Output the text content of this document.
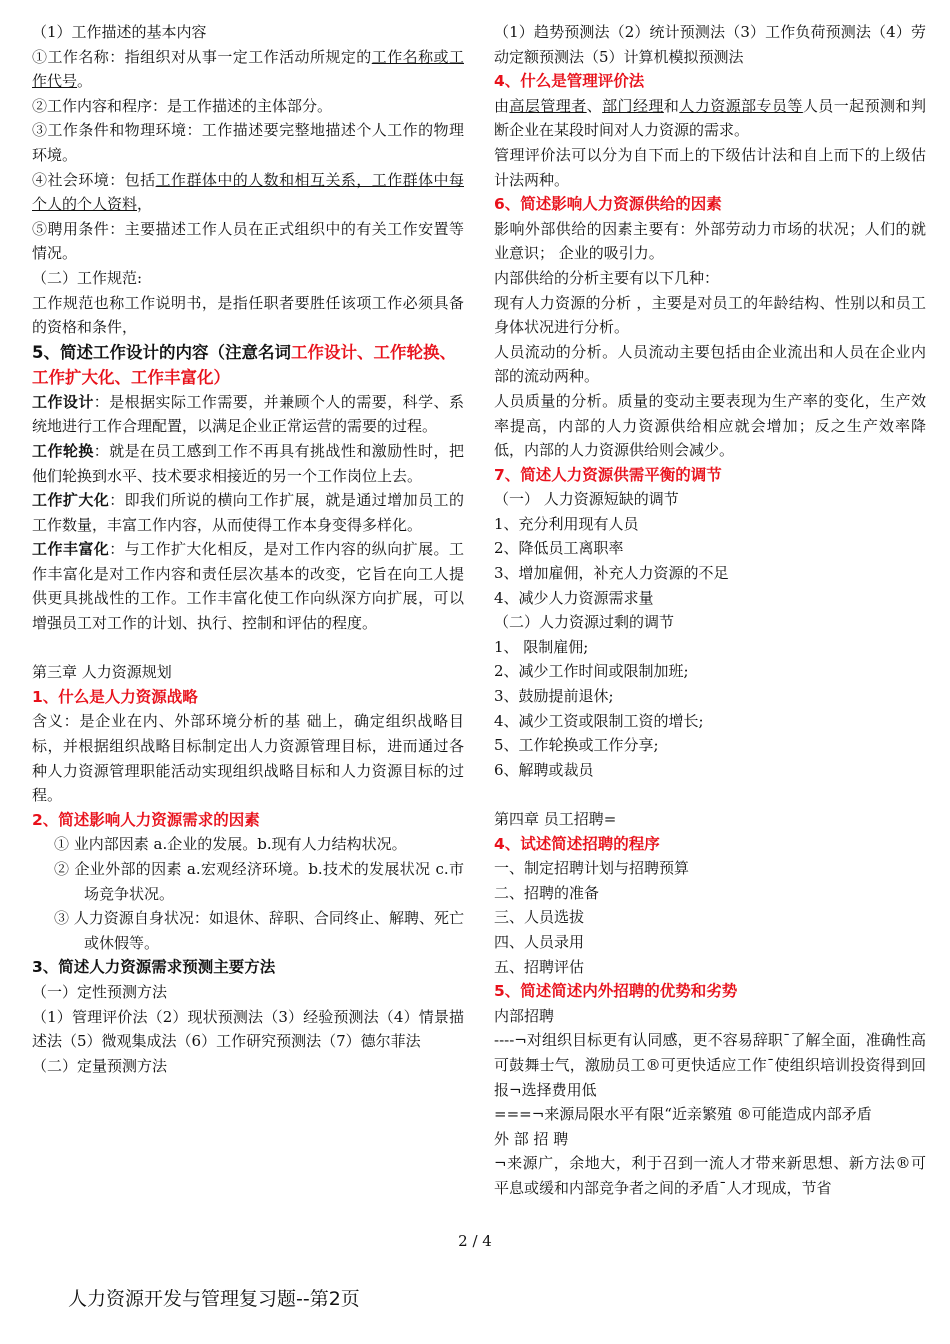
（1）工作描述的基本内容

①工作名称：指组织对从事一定工作活动所规定的工作名称或工作代号。

②工作内容和程序：是工作描述的主体部分。

③工作条件和物理环境：工作描述要完整地描述个人工作的物理环境。

④社会环境：包括工作群体中的人数和相互关系，工作群体中每个人的个人资料，

⑤聘用条件：主要描述工作人员在正式组织中的有关工作安置等情况。

（二）工作规范:

工作规范也称工作说明书，是指任职者要胜任该项工作必须具备的资格和条件，

5、简述工作设计的内容（注意名词工作设计、工作轮换、工作扩大化、工作丰富化）

工作设计：是根据实际工作需要，并兼顾个人的需要，科学、系统地进行工作合理配置，以满足企业正常运营的需要的过程。

工作轮换：就是在员工感到工作不再具有挑战性和激励性时，把他们轮换到水平、技术要求相接近的另一个工作岗位上去。

工作扩大化：即我们所说的横向工作扩展，就是通过增加员工的工作数量，丰富工作内容，从而使得工作本身变得多样化。

工作丰富化：与工作扩大化相反，是对工作内容的纵向扩展。工作丰富化是对工作内容和责任层次基本的改变，它旨在向工人提供更具挑战性的工作。工作丰富化使工作向纵深方向扩展，可以增强员工对工作的计划、执行、控制和评估的程度。

第三章 人力资源规划

1、什么是人力资源战略

含义：是企业在内、外部环境分析的基 础上，确定组织战略目标，并根据组织战略目标制定出人力资源管理目标，进而通过各种人力资源管理职能活动实现组织战略目标和人力资源目标的过程。

2、简述影响人力资源需求的因素

① 业内部因素 a.企业的发展。b.现有人力结构状况。

② 企业外部的因素 a.宏观经济环境。b.技术的发展状况 c.市场竞争状况。

③ 人力资源自身状况：如退休、辞职、合同终止、解聘、死亡或休假等。

3、简述人力资源需求预测主要方法

（一）定性预测方法

（1）管理评价法（2）现状预测法（3）经验预测法（4）情景描述法（5）微观集成法（6）工作研究预测法（7）德尔菲法

（二）定量预测方法

（1）趋势预测法（2）统计预测法（3）工作负荷预测法（4）劳动定额预测法（5）计算机模拟预测法

4、什么是管理评价法

由高层管理者、部门经理和人力资源部专员等人员一起预测和判断企业在某段时间对人力资源的需求。

管理评价法可以分为自下而上的下级估计法和自上而下的上级估计法两种。

6、简述影响人力资源供给的因素

影响外部供给的因素主要有：外部劳动力市场的状况；人们的就业意识； 企业的吸引力。

内部供给的分析主要有以下几种：

现有人力资源的分析 ，主要是对员工的年龄结构、性别以和员工身体状况进行分析。

人员流动的分析。人员流动主要包括由企业流出和人员在企业内部的流动两种。

人员质量的分析。质量的变动主要表现为生产率的变化，生产效率提高，内部的人力资源供给相应就会增加；反之生产效率降低，内部的人力资源供给则会减少。

7、简述人力资源供需平衡的调节

（一） 人力资源短缺的调节

1、充分利用现有人员

2、降低员工离职率

3、增加雇佣，补充人力资源的不足

4、减少人力资源需求量

（二）人力资源过剩的调节

1、 限制雇佣;

2、减少工作时间或限制加班;

3、鼓励提前退休;

4、减少工资或限制工资的增长;

5、工作轮换或工作分享;

6、解聘或裁员

第四章 员工招聘=

4、试述简述招聘的程序

一、制定招聘计划与招聘预算

二、招聘的准备

三、人员选拔

四、人员录用

五、招聘评估

5、简述简述内外招聘的优势和劣势

内部招聘

----¬对组织目标更有认同感，更不容易辞职¯了解全面，准确性高可鼓舞士气，激励员工®可更快适应工作¯使组织培训投资得到回报¬选择费用低

===¬来源局限水平有限“近亲繁殖 ®可能造成内部矛盾

外 部 招 聘

¬来源广，余地大，利于召到一流人才带来新思想、新方法®可平息或缓和内部竞争者之间的矛盾¯人才现成，节省

2 / 4
人力资源开发与管理复习题--第2页
